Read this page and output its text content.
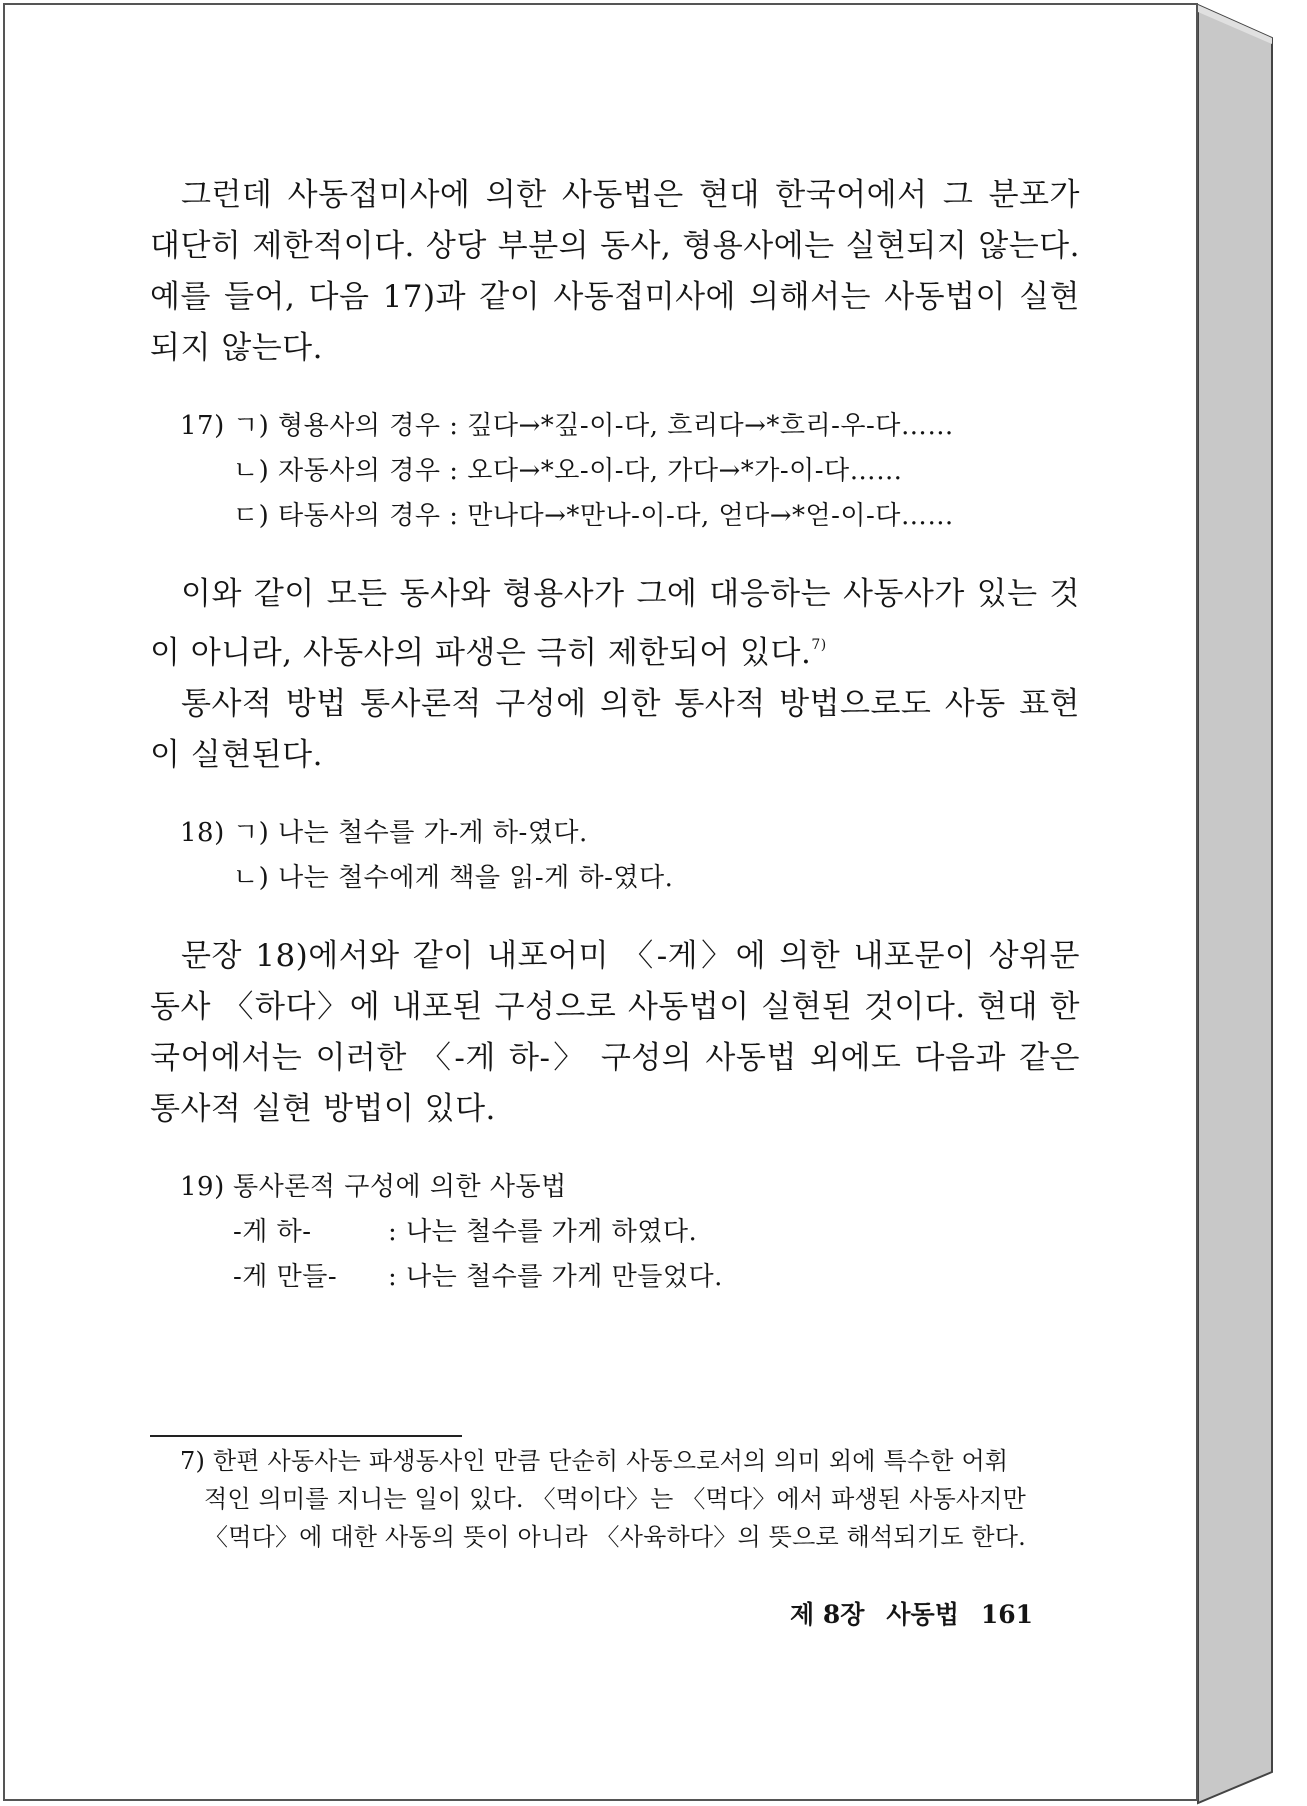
그런데 사동접미사에 의한 사동법은 현대 한국어에서 그 분포가 대단히 제한적이다. 상당 부분의 동사, 형용사에는 실현되지 않는다. 예를 들어, 다음 17)과 같이 사동접미사에 의해서는 사동법이 실현되지 않는다.

17) ㄱ) 형용사의 경우 : 깊다→*깊-이-다, 흐리다→*흐리-우-다……
ㄴ) 자동사의 경우 : 오다→*오-이-다, 가다→*가-이-다……
ㄷ) 타동사의 경우 : 만나다→*만나-이-다, 얻다→*얻-이-다……

이와 같이 모든 동사와 형용사가 그에 대응하는 사동사가 있는 것이 아니라, 사동사의 파생은 극히 제한되어 있다.$^{7)}$

통사적 방법 통사론적 구성에 의한 통사적 방법으로도 사동 표현이 실현된다.

18) ㄱ) 나는 철수를 가-게 하-였다.
ㄴ) 나는 철수에게 책을 읽-게 하-였다.

문장 18)에서와 같이 내포어미 〈-게〉에 의한 내포문이 상위문 동사 〈하다〉에 내포된 구성으로 사동법이 실현된 것이다. 현대 한국어에서는 이러한 〈-게 하-〉 구성의 사동법 외에도 다음과 같은 통사적 실현 방법이 있다.

19) 통사론적 구성에 의한 사동법
-게 하-	: 나는 철수를 가게 하였다.
-게 만들- : 나는 철수를 가게 만들었다.
7) 한편 사동사는 파생동사인 만큼 단순히 사동으로서의 의미 외에 특수한 어휘
적인 의미를 지니는 일이 있다. 〈먹이다〉는 〈먹다〉에서 파생된 사동사지만
〈먹다〉에 대한 사동의 뜻이 아니라 〈사육하다〉의 뜻으로 해석되기도 한다.
제 8장 사동법 161
